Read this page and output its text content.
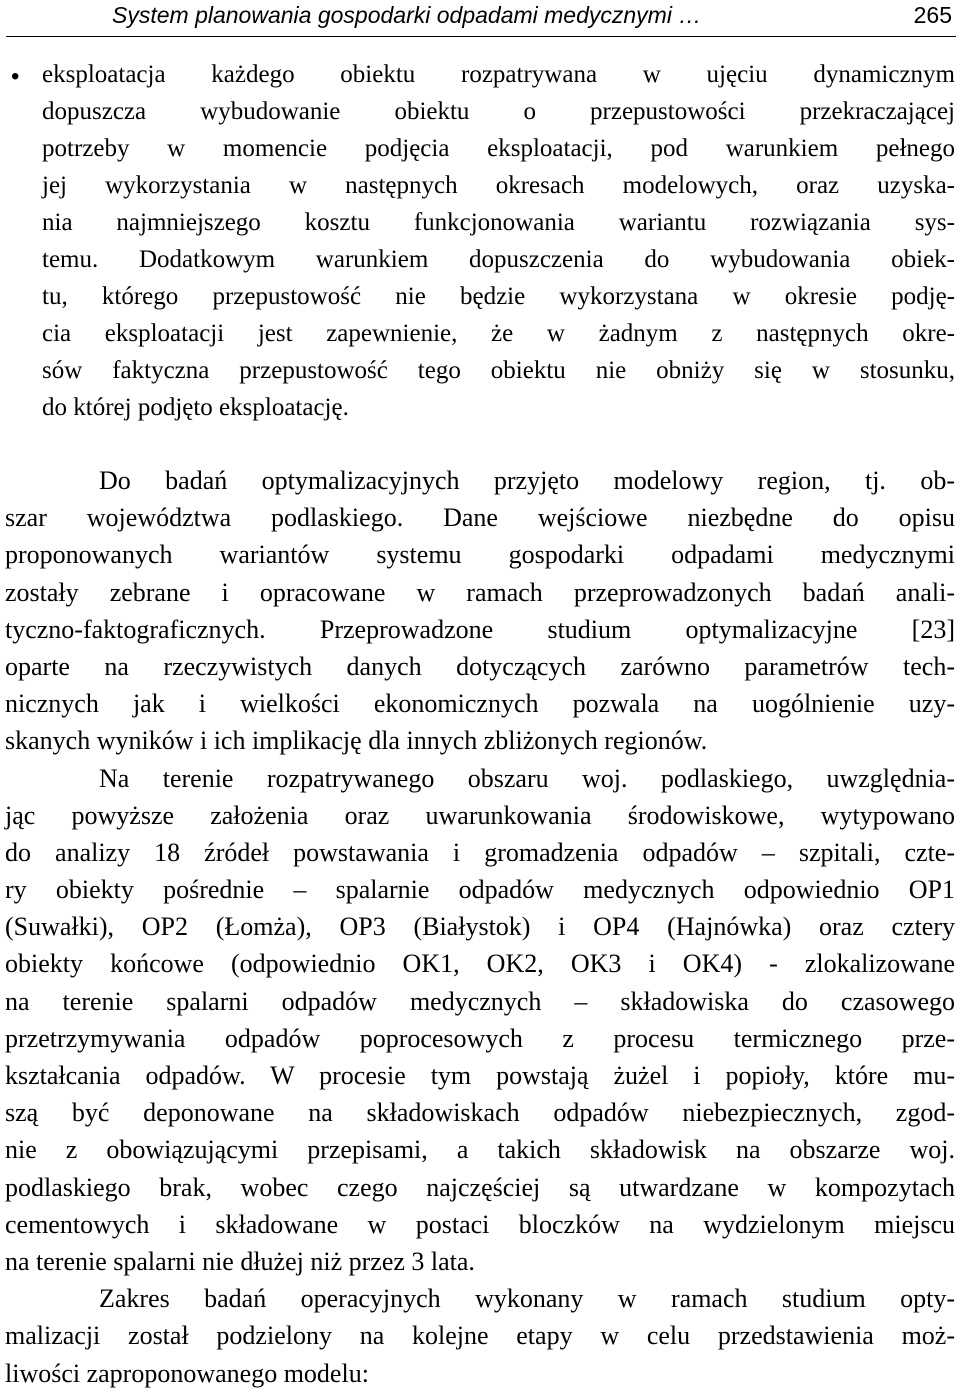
System planowania gospodarki odpadami medycznymi …	265
• eksploatacja każdego obiektu rozpatrywana w ujęciu dynamicznym
dopuszcza wybudowanie obiektu o przepustowości przekraczającej
potrzeby w momencie podjęcia eksploatacji, pod warunkiem pełnego
jej wykorzystania w następnych okresach modelowych, oraz uzyska-
nia najmniejszego kosztu funkcjonowania wariantu rozwiązania sys-
temu. Dodatkowym warunkiem dopuszczenia do wybudowania obiek-
tu, którego przepustowość nie będzie wykorzystana w okresie podję-
cia eksploatacji jest zapewnienie, że w żadnym z następnych okre-
sów faktyczna przepustowość tego obiektu nie obniży się w stosunku,
do której podjęto eksploatację.
Do badań optymalizacyjnych przyjęto modelowy region, tj. ob-
szar województwa podlaskiego. Dane wejściowe niezbędne do opisu
proponowanych wariantów systemu gospodarki odpadami medycznymi
zostały zebrane i opracowane w ramach przeprowadzonych badań anali-
tyczno-faktograficznych. Przeprowadzone studium optymalizacyjne [23]
oparte na rzeczywistych danych dotyczących zarówno parametrów tech-
nicznych jak i wielkości ekonomicznych pozwala na uogólnienie uzy-
skanych wyników i ich implikację dla innych zbliżonych regionów.
Na terenie rozpatrywanego obszaru woj. podlaskiego, uwzględnia-
jąc powyższe założenia oraz uwarunkowania środowiskowe, wytypowano
do analizy 18 źródeł powstawania i gromadzenia odpadów – szpitali, czte-
ry obiekty pośrednie – spalarnie odpadów medycznych odpowiednio OP1
(Suwałki), OP2 (Łomża), OP3 (Białystok) i OP4 (Hajnówka) oraz cztery
obiekty końcowe (odpowiednio OK1, OK2, OK3 i OK4) - zlokalizowane
na terenie spalarni odpadów medycznych – składowiska do czasowego
przetrzymywania odpadów poprocesowych z procesu termicznego prze-
kształcania odpadów. W procesie tym powstają żużel i popioły, które mu-
szą być deponowane na składowiskach odpadów niebezpiecznych, zgod-
nie z obowiązującymi przepisami, a takich składowisk na obszarze woj.
podlaskiego brak, wobec czego najczęściej są utwardzane w kompozytach
cementowych i składowane w postaci bloczków na wydzielonym miejscu
na terenie spalarni nie dłużej niż przez 3 lata.
Zakres badań operacyjnych wykonany w ramach studium opty-
malizacji został podzielony na kolejne etapy w celu przedstawienia moż-
liwości zaproponowanego modelu:
